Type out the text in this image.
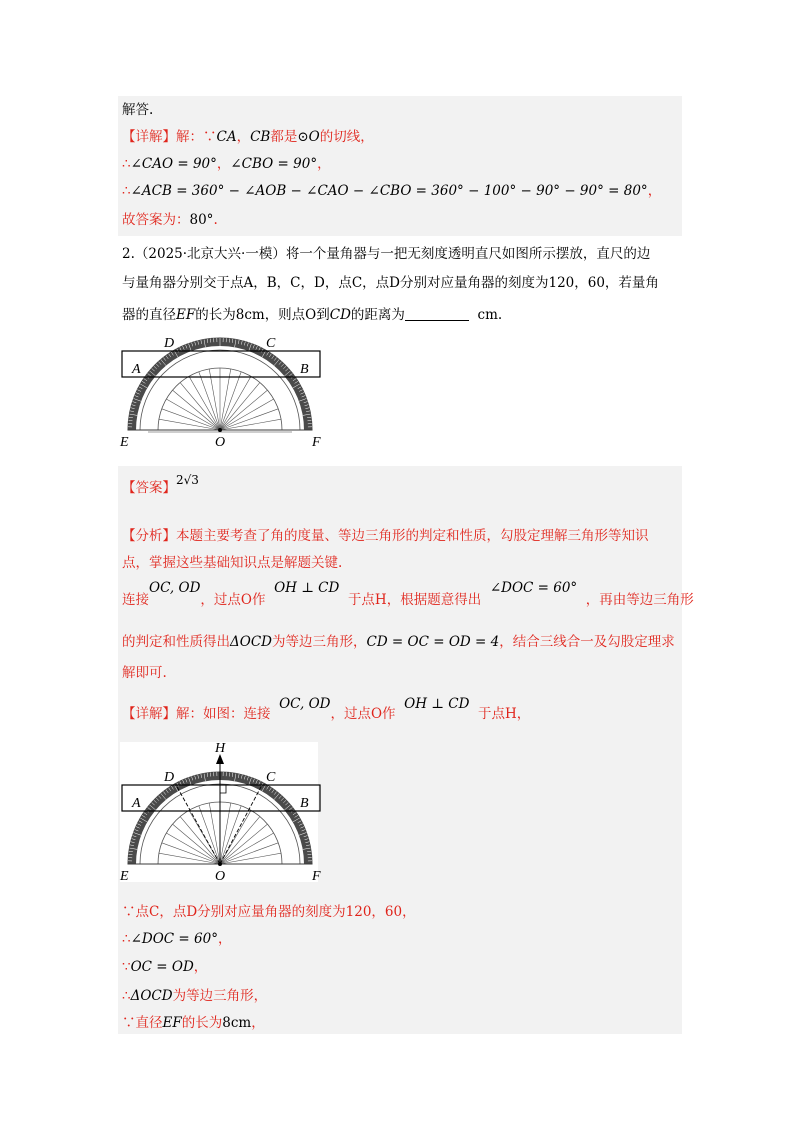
解答.
【详解】解：∵CA，CB都是⊙O的切线，
∴∠CAO = 90°，∠CBO = 90°，
∴∠ACB = 360° − ∠AOB − ∠CAO − ∠CBO = 360° − 100° − 90° − 90° = 80°，
故答案为：80°.
2.（2025·北京大兴·一模）将一个量角器与一把无刻度透明直尺如图所示摆放，直尺的边
与量角器分别交于点A，B，C，D，点C，点D分别对应量角器的刻度为120，60，若量角
器的直径EF的长为8cm，则点O到CD的距离为	cm.
A	B
C
D
E	O	F
【答案】2√3
【分析】本题主要考查了角的度量、等边三角形的判定和性质，勾股定理解三角形等知识
点，掌握这些基础知识点是解题关键.
连接OC, OD，过点O作  OH ⊥ CD  于点H，根据题意得出  ∠DOC = 60°  ，再由等边三角形
的判定和性质得出ΔOCD为等边三角形，CD = OC = OD = 4，结合三线合一及勾股定理求
解即可.
【详解】解：如图：连接  OC, OD，过点O作  OH ⊥ CD  于点H，
H
A	B
C
D
E	O	F
∵点C，点D分别对应量角器的刻度为120，60，
∴∠DOC = 60°，
∵OC = OD，
∴ΔOCD为等边三角形，
∵直径EF的长为8cm，
